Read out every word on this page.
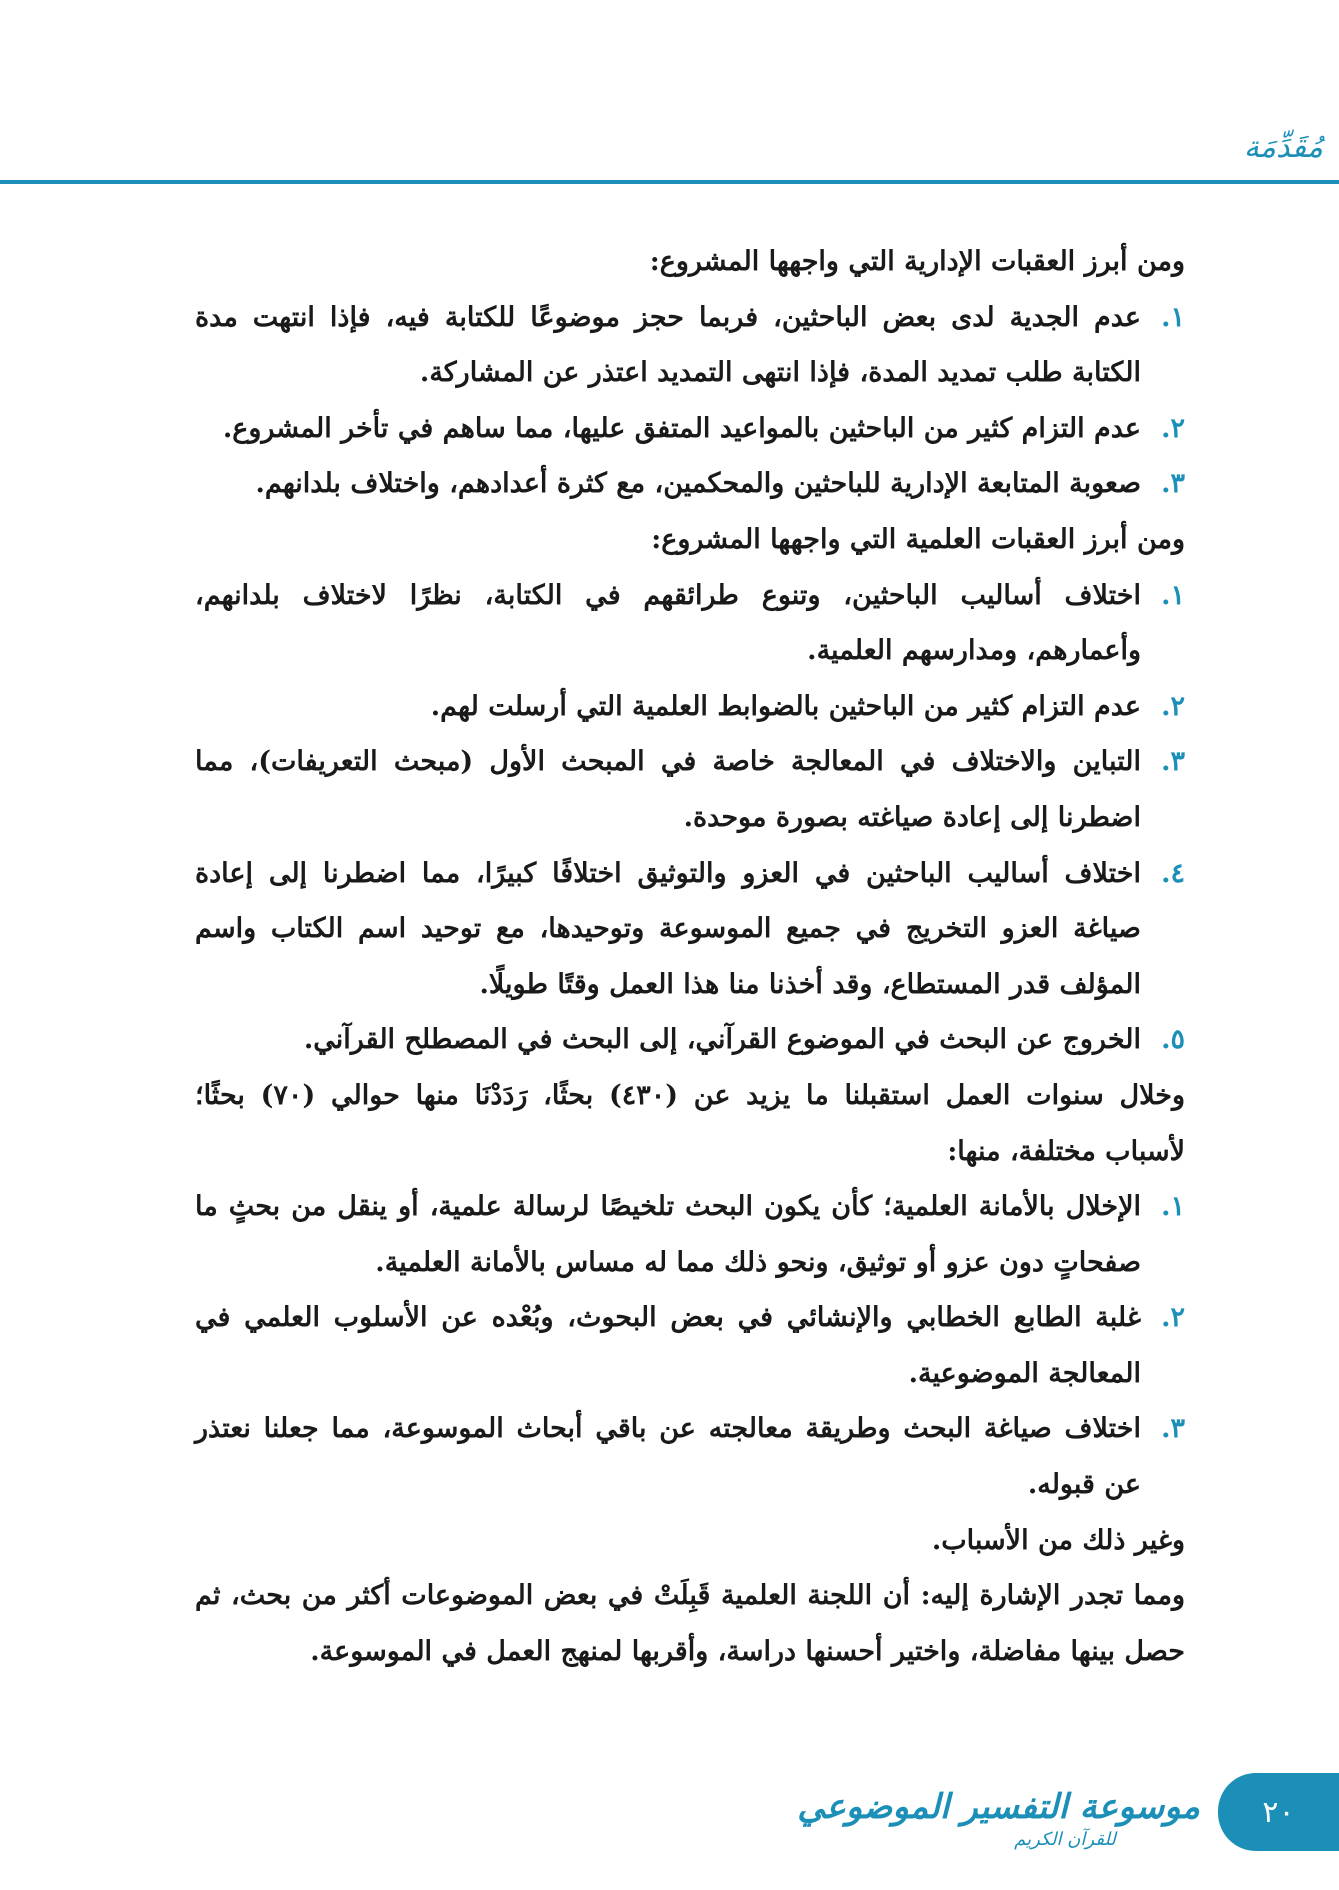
مُقَدِّمَة

ومن أبرز العقبات الإدارية التي واجهها المشروع:

١.
عدم الجدية لدى بعض الباحثين، فربما حجز موضوعًا للكتابة فيه، فإذا انتهت مدة الكتابة طلب تمديد المدة، فإذا انتهى التمديد اعتذر عن المشاركة.
٢.
عدم التزام كثير من الباحثين بالمواعيد المتفق عليها، مما ساهم في تأخر المشروع.
٣.
صعوبة المتابعة الإدارية للباحثين والمحكمين، مع كثرة أعدادهم، واختلاف بلدانهم.

ومن أبرز العقبات العلمية التي واجهها المشروع:

١.
اختلاف أساليب الباحثين، وتنوع طرائقهم في الكتابة، نظرًا لاختلاف بلدانهم، وأعمارهم، ومدارسهم العلمية.
٢.
عدم التزام كثير من الباحثين بالضوابط العلمية التي أرسلت لهم.
٣.
التباين والاختلاف في المعالجة خاصة في المبحث الأول (مبحث التعريفات)، مما اضطرنا إلى إعادة صياغته بصورة موحدة.
٤.
اختلاف أساليب الباحثين في العزو والتوثيق اختلافًا كبيرًا، مما اضطرنا إلى إعادة صياغة العزو التخريج في جميع الموسوعة وتوحيدها، مع توحيد اسم الكتاب واسم المؤلف قدر المستطاع، وقد أخذنا منا هذا العمل وقتًا طويلًا.
٥.
الخروج عن البحث في الموضوع القرآني، إلى البحث في المصطلح القرآني.

وخلال سنوات العمل استقبلنا ما يزيد عن (٤٣٠) بحثًا، رَدَدْنَا منها حوالي (٧٠) بحثًا؛ لأسباب مختلفة، منها:

١.
الإخلال بالأمانة العلمية؛ كأن يكون البحث تلخيصًا لرسالة علمية، أو ينقل من بحثٍ ما صفحاتٍ دون عزو أو توثيق، ونحو ذلك مما له مساس بالأمانة العلمية.
٢.
غلبة الطابع الخطابي والإنشائي في بعض البحوث، وبُعْده عن الأسلوب العلمي في المعالجة الموضوعية.
٣.
اختلاف صياغة البحث وطريقة معالجته عن باقي أبحاث الموسوعة، مما جعلنا نعتذر عن قبوله.

وغير ذلك من الأسباب.

ومما تجدر الإشارة إليه: أن اللجنة العلمية قَبِلَتْ في بعض الموضوعات أكثر من بحث، ثم حصل بينها مفاضلة، واختير أحسنها دراسة، وأقربها لمنهج العمل في الموسوعة.

موسوعة التفسير الموضوعي
للقرآن الكريم
٢٠
